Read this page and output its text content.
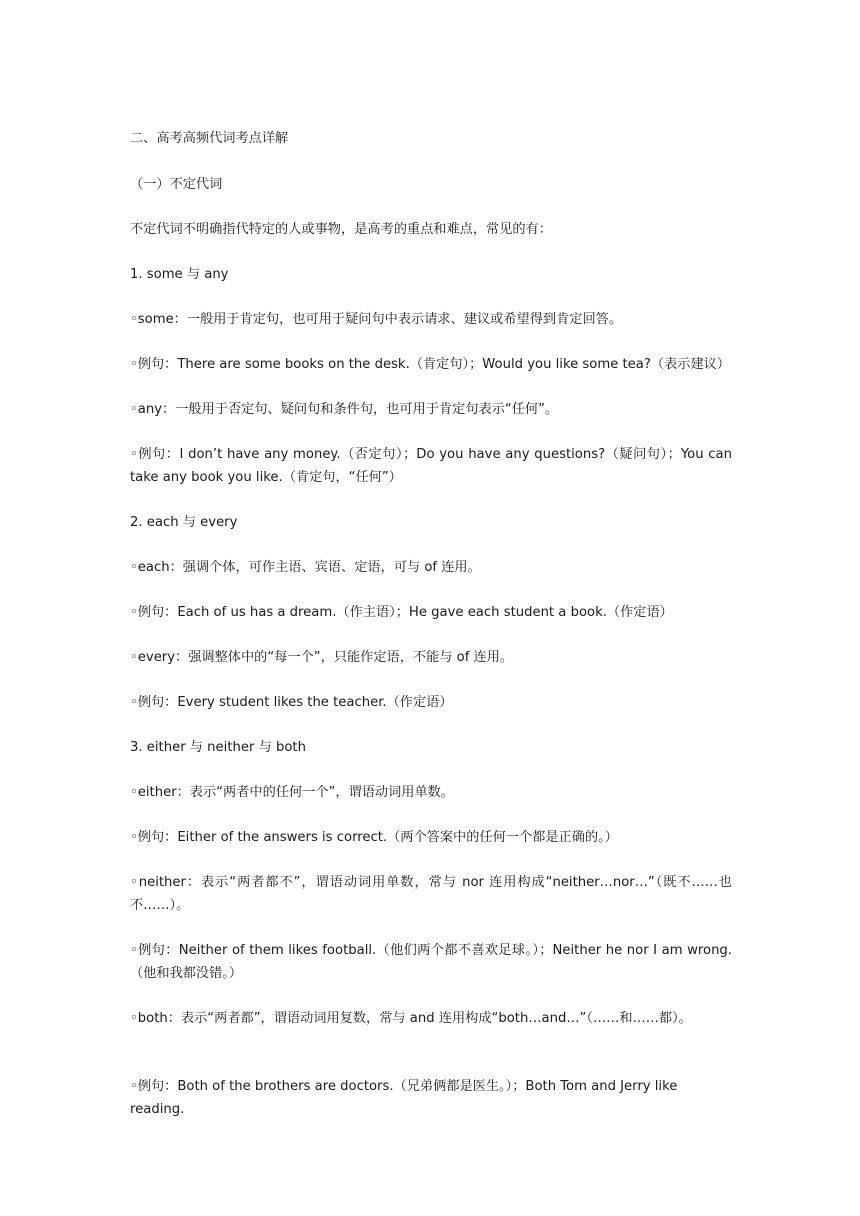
二、高考高频代词考点详解
（一）不定代词
不定代词不明确指代特定的人或事物，是高考的重点和难点，常见的有：
1. some 与 any
◦some：一般用于肯定句，也可用于疑问句中表示请求、建议或希望得到肯定回答。
◦例句：There are some books on the desk.（肯定句）；Would you like some tea?（表示建议）
◦any：一般用于否定句、疑问句和条件句，也可用于肯定句表示“任何”。
◦例句：I don’t have any money.（否定句）；Do you have any questions?（疑问句）；You can take any book you like.（肯定句，“任何”）
2. each 与 every
◦each：强调个体，可作主语、宾语、定语，可与 of 连用。
◦例句：Each of us has a dream.（作主语）；He gave each student a book.（作定语）
◦every：强调整体中的“每一个”，只能作定语，不能与 of 连用。
◦例句：Every student likes the teacher.（作定语）
3. either 与 neither 与 both
◦either：表示“两者中的任何一个”，谓语动词用单数。
◦例句：Either of the answers is correct.（两个答案中的任何一个都是正确的。）
◦neither：表示“两者都不”，谓语动词用单数，常与 nor 连用构成“neither…nor…”（既不……也不……）。
◦例句：Neither of them likes football.（他们两个都不喜欢足球。）；Neither he nor I am wrong.（他和我都没错。）
◦both：表示“两者都”，谓语动词用复数，常与 and 连用构成“both…and…”（……和……都）。
◦例句：Both of the brothers are doctors.（兄弟俩都是医生。）；Both Tom and Jerry like reading.
